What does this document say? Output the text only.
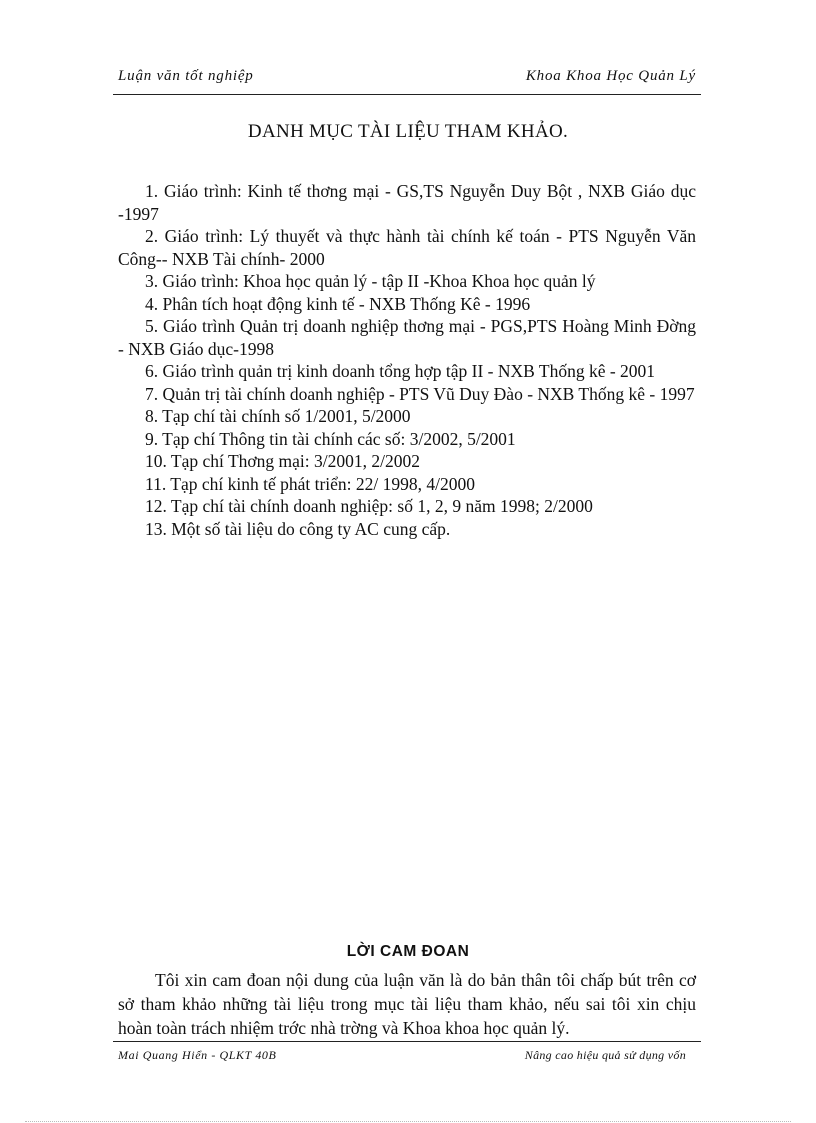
Luận văn tốt nghiệp	Khoa Khoa Học Quản Lý
DANH MỤC TÀI LIỆU THAM KHẢO.

1. Giáo trình: Kinh tế thơng mại - GS,TS Nguyễn Duy Bột , NXB Giáo dục -1997

2. Giáo trình: Lý thuyết và thực hành tài chính kế toán - PTS Nguyễn Văn Công-- NXB Tài chính- 2000

3. Giáo trình: Khoa học quản lý - tập II -Khoa Khoa học quản lý

4. Phân tích hoạt động kinh tế - NXB Thống Kê - 1996

5. Giáo trình Quản trị doanh nghiệp thơng mại - PGS,PTS Hoàng Minh Đờng - NXB Giáo dục-1998

6. Giáo trình quản trị kinh doanh tổng hợp tập II - NXB Thống kê - 2001

7. Quản trị tài chính doanh nghiệp - PTS Vũ Duy Đào - NXB Thống kê - 1997

8. Tạp chí tài chính số 1/2001, 5/2000

9. Tạp chí Thông tin tài chính các số: 3/2002, 5/2001

10. Tạp chí Thơng mại: 3/2001, 2/2002

11. Tạp chí kinh tế phát triển: 22/ 1998, 4/2000

12. Tạp chí tài chính doanh nghiệp: số 1, 2, 9 năm 1998; 2/2000

13. Một số tài liệu do công ty AC cung cấp.

LỜI CAM ĐOAN

Tôi xin cam đoan nội dung của luận văn là do bản thân tôi chấp bút trên cơ sở tham khảo những tài liệu trong mục tài liệu tham khảo, nếu sai tôi xin chịu hoàn toàn trách nhiệm trớc nhà trờng và Khoa khoa học quản lý.

Mai Quang Hiển - QLKT 40B	Nâng cao hiệu quả sử dụng vốn
